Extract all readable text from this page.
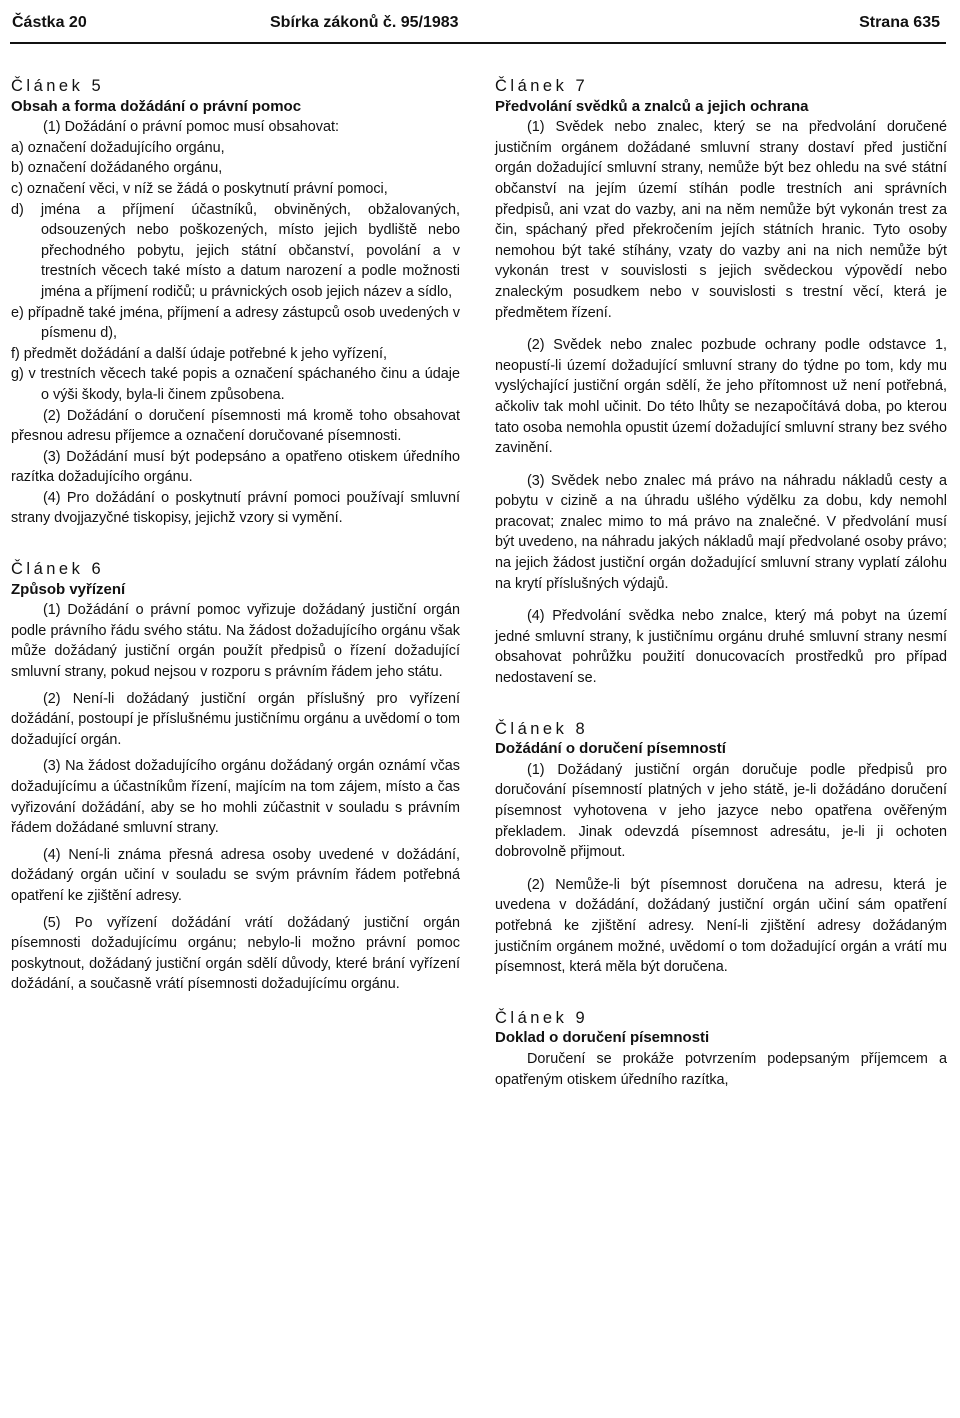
Částka 20	Sbírka zákonů č. 95/1983	Strana 635

Článek 5

Obsah a forma dožádání o právní pomoc

(1) Dožádání o právní pomoc musí obsahovat:

a) označení dožadujícího orgánu,

b) označení dožádaného orgánu,

c) označení věci, v níž se žádá o poskytnutí právní pomoci,

d) jména a příjmení účastníků, obviněných, obžalovaných, odsouzených nebo poškozených, místo jejich bydliště nebo přechodného pobytu, jejich státní občanství, povolání a v trestních věcech také místo a datum narození a podle možnosti jména a příjmení rodičů; u právnických osob jejich název a sídlo,

e) případně také jména, příjmení a adresy zástupců osob uvedených v písmenu d),

f) předmět dožádání a další údaje potřebné k jeho vyřízení,

g) v trestních věcech také popis a označení spáchaného činu a údaje o výši škody, byla-li činem způsobena.

(2) Dožádání o doručení písemnosti má kromě toho obsahovat přesnou adresu příjemce a označení doručované písemnosti.

(3) Dožádání musí být podepsáno a opatřeno otiskem úředního razítka dožadujícího orgánu.

(4) Pro dožádání o poskytnutí právní pomoci používají smluvní strany dvojjazyčné tiskopisy, jejichž vzory si vymění.

Článek 6

Způsob vyřízení

(1) Dožádání o právní pomoc vyřizuje dožádaný justiční orgán podle právního řádu svého státu. Na žádost dožadujícího orgánu však může dožádaný justiční orgán použít předpisů o řízení dožadující smluvní strany, pokud nejsou v rozporu s právním řádem jeho státu.

(2) Není-li dožádaný justiční orgán příslušný pro vyřízení dožádání, postoupí je příslušnému justičnímu orgánu a uvědomí o tom dožadující orgán.

(3) Na žádost dožadujícího orgánu dožádaný orgán oznámí včas dožadujícímu a účastníkům řízení, majícím na tom zájem, místo a čas vyřizování dožádání, aby se ho mohli zúčastnit v souladu s právním řádem dožádané smluvní strany.

(4) Není-li známa přesná adresa osoby uvedené v dožádání, dožádaný orgán učiní v souladu se svým právním řádem potřebná opatření ke zjištění adresy.

(5) Po vyřízení dožádání vrátí dožádaný justiční orgán písemnosti dožadujícímu orgánu; nebylo-li možno právní pomoc poskytnout, dožádaný justiční orgán sdělí důvody, které brání vyřízení dožádání, a současně vrátí písemnosti dožadujícímu orgánu.

Článek 7

Předvolání svědků a znalců a jejich ochrana

(1) Svědek nebo znalec, který se na předvolání doručené justičním orgánem dožádané smluvní strany dostaví před justiční orgán dožadující smluvní strany, nemůže být bez ohledu na své státní občanství na jejím území stíhán podle trestních ani správních předpisů, ani vzat do vazby, ani na něm nemůže být vykonán trest za čin, spáchaný před překročením jejích státních hranic. Tyto osoby nemohou být také stíhány, vzaty do vazby ani na nich nemůže být vykonán trest v souvislosti s jejich svědeckou výpovědí nebo znaleckým posudkem nebo v souvislosti s trestní věcí, která je předmětem řízení.

(2) Svědek nebo znalec pozbude ochrany podle odstavce 1, neopustí-li území dožadující smluvní strany do týdne po tom, kdy mu vyslýchající justiční orgán sdělí, že jeho přítomnost už není potřebná, ačkoliv tak mohl učinit. Do této lhůty se nezapočítává doba, po kterou tato osoba nemohla opustit území dožadující smluvní strany bez svého zavinění.

(3) Svědek nebo znalec má právo na náhradu nákladů cesty a pobytu v cizině a na úhradu ušlého výdělku za dobu, kdy nemohl pracovat; znalec mimo to má právo na znalečné. V předvolání musí být uvedeno, na náhradu jakých nákladů mají předvolané osoby právo; na jejich žádost justiční orgán dožadující smluvní strany vyplatí zálohu na krytí příslušných výdajů.

(4) Předvolání svědka nebo znalce, který má pobyt na území jedné smluvní strany, k justičnímu orgánu druhé smluvní strany nesmí obsahovat pohrůžku použití donucovacích prostředků pro případ nedostavení se.

Článek 8

Dožádání o doručení písemností

(1) Dožádaný justiční orgán doručuje podle předpisů pro doručování písemností platných v jeho státě, je-li dožádáno doručení písemnost vyhotovena v jeho jazyce nebo opatřena ověřeným překladem. Jinak odevzdá písemnost adresátu, je-li ji ochoten dobrovolně přijmout.

(2) Nemůže-li být písemnost doručena na adresu, která je uvedena v dožádání, dožádaný justiční orgán učiní sám opatření potřebná ke zjištění adresy. Není-li zjištění adresy dožádaným justičním orgánem možné, uvědomí o tom dožadující orgán a vrátí mu písemnost, která měla být doručena.

Článek 9

Doklad o doručení písemnosti

Doručení se prokáže potvrzením podepsaným příjemcem a opatřeným otiskem úředního razítka,
